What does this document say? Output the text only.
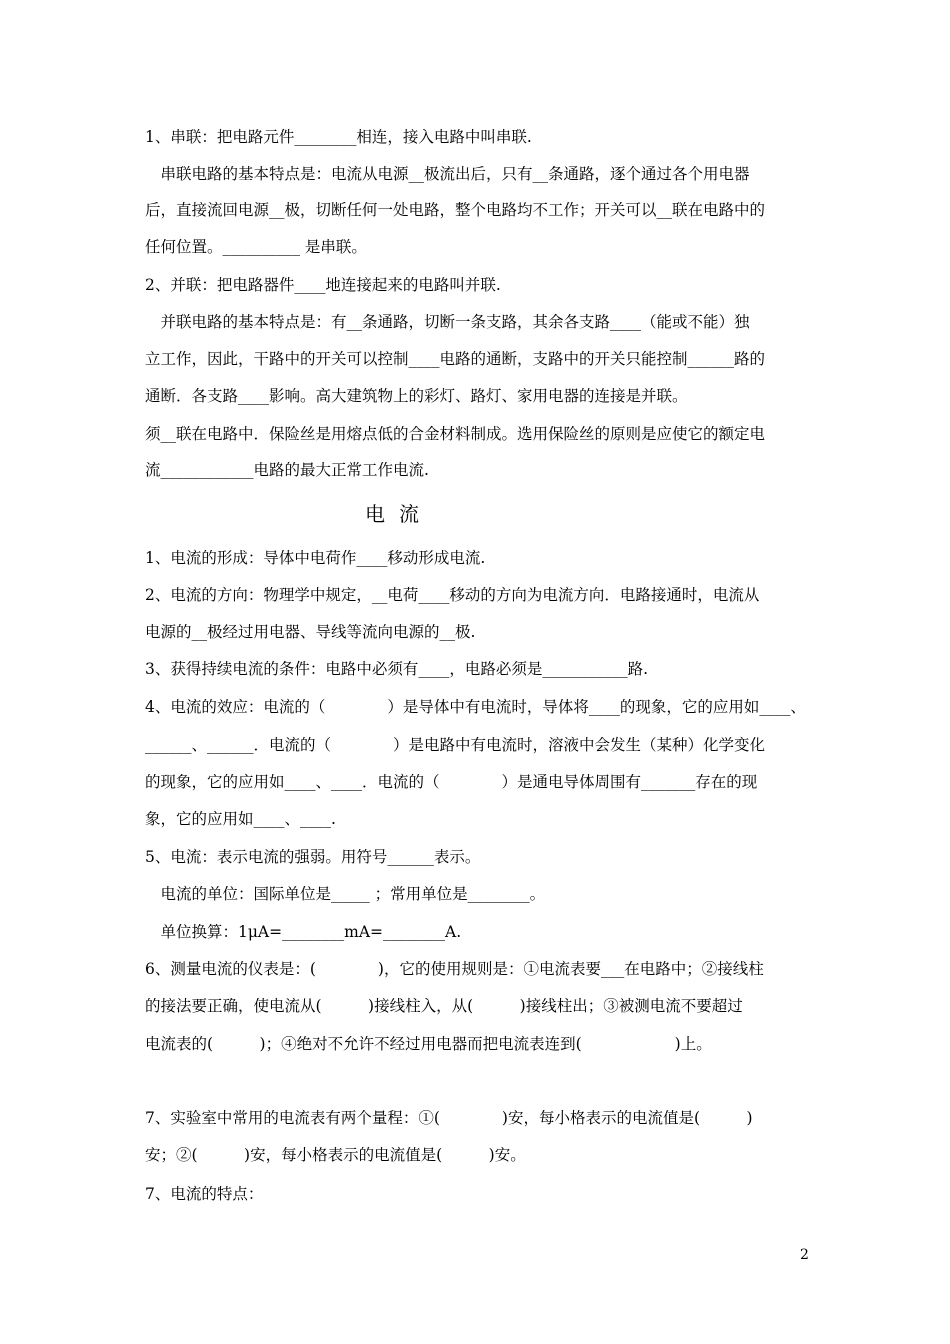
1、串联：把电路元件________相连，接入电路中叫串联.
　串联电路的基本特点是：电流从电源__极流出后，只有__条通路，逐个通过各个用电器
后，直接流回电源__极，切断任何一处电路，整个电路均不工作；开关可以__联在电路中的
任何位置。__________ 是串联。
2、并联：把电路器件____地连接起来的电路叫并联.
　并联电路的基本特点是：有__条通路，切断一条支路，其余各支路____（能或不能）独
立工作，因此，干路中的开关可以控制____电路的通断，支路中的开关只能控制______路的
通断．各支路____影响。高大建筑物上的彩灯、路灯、家用电器的连接是并联。
须__联在电路中．保险丝是用熔点低的合金材料制成。选用保险丝的原则是应使它的额定电
流____________电路的最大正常工作电流.
电流
1、电流的形成：导体中电荷作____移动形成电流.
2、电流的方向：物理学中规定，__电荷____移动的方向为电流方向．电路接通时，电流从
电源的__极经过用电器、导线等流向电源的__极.
3、获得持续电流的条件：电路中必须有____，电路必须是___________路.
4、电流的效应：电流的（　　　　）是导体中有电流时，导体将____的现象，它的应用如____、
______、______．电流的（　　　　）是电路中有电流时，溶液中会发生（某种）化学变化
的现象，它的应用如____、____．电流的（　　　　）是通电导体周围有_______存在的现
象，它的应用如____、____.
5、电流：表示电流的强弱。用符号______表示。
　电流的单位：国际单位是_____ ；常用单位是________。
　单位换算：1μA=________mA=________A.
6、测量电流的仪表是：(　　　　)，它的使用规则是：①电流表要___在电路中；②接线柱
的接法要正确，使电流从(　　　)接线柱入，从(　　　)接线柱出；③被测电流不要超过
电流表的(　　　)；④绝对不允许不经过用电器而把电流表连到(　　　　　　)上。
7、实验室中常用的电流表有两个量程：①(　　　　)安，每小格表示的电流值是(　　　)
安；②(　　　)安，每小格表示的电流值是(　　　)安。
7、电流的特点：
2
